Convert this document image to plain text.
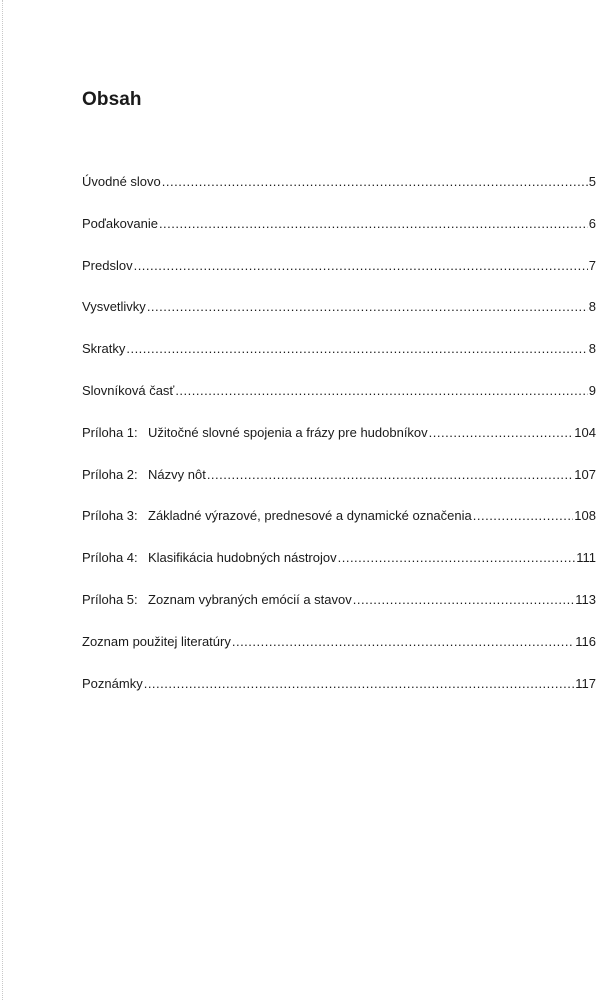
Obsah
Úvodné slovo .....	5
Poďakovanie .....	6
Predslov .....	7
Vysvetlivky .....	8
Skratky .....	8
Slovníková časť .....	9
Príloha 1: Užitočné slovné spojenia a frázy pre hudobníkov .....	104
Príloha 2: Názvy nôt .....	107
Príloha 3: Základné výrazové, prednesové a dynamické označenia .....	108
Príloha 4: Klasifikácia hudobných nástrojov .....	111
Príloha 5: Zoznam vybraných emócií a stavov .....	113
Zoznam použitej literatúry .....	116
Poznámky .....	117
